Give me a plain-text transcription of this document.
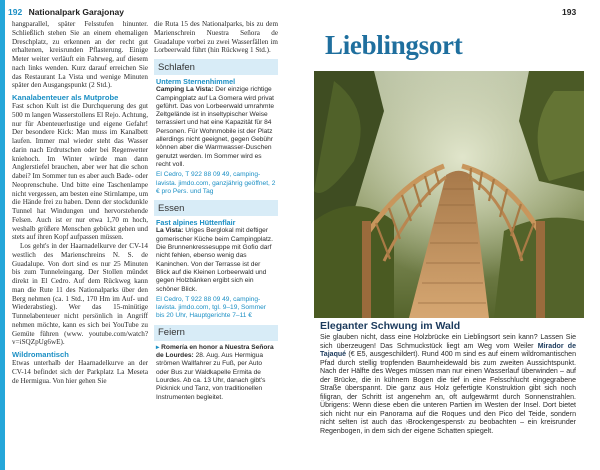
192 Nationalpark Garajonay

hangparallel, später Felsstufen hinunter. Schließlich stehen Sie an einem ehemaligen Dreschplatz, zu erkennen an der recht gut erhaltenen, kreisrunden Pflasterung. Einige Meter weiter verläuft ein Fahrweg, auf diesem nach links wenden. Kurz darauf erreichen Sie das Restaurant La Vista und wenige Minuten später den Ausgangspunkt (2 Std.).

Kanalabenteuer als Mutprobe

Fast schon Kult ist die Durchquerung des gut 500 m langen Wasserstollens El Rejo. Achtung, nur für Abenteuerlustige und eigene Gefahr! Der besondere Kick: Man muss im Kanalbett laufen. Immer mal wieder steht das Wasser darin nach Erdrutschen oder bei Regenwetter kniehoch. Im Winter würde man dann Anglerstiefel brauchen, aber wer hat die schon dabei? Im Sommer tun es aber auch Bade- oder Neoprenschuhe. Und bitte eine Taschenlampe nicht vergessen, am besten eine Stirnlampe, um die Hände frei zu haben. Denn der stockdunkle Tunnel hat Windungen und hervorstehende Felsen. Auch ist er nur etwa 1,70 m hoch, weshalb größere Menschen gebückt gehen und stets auf ihren Kopf aufpassen müssen.

Los geht's in der Haarnadelkurve der CV-14 westlich des Marienschreins N. S. de Guadalupe. Von dort sind es nur 25 Minuten bis zum Tunneleingang. Der Stollen mündet direkt in El Cedro. Auf dem Rückweg kann man die Rute 11 des Nationalparks über den Berg nehmen (ca. 1 Std., 170 Hm im Auf- und Wiederabstieg). Wer das 15-minütige Tunnelabenteuer nicht persönlich in Angriff nehmen möchte, kann es sich bei YouTube zu Gemüte führen (www. youtube.com/watch?v=iSQZpUg6wE).

Wildromantisch

Etwas unterhalb der Haarnadelkurve an der CV-14 befindet sich der Parkplatz La Meseta de Hermigua. Von hier gehen Sie

die Ruta 15 des Nationalparks, bis zu dem Marienschrein Nuestra Señora de Guadalupe vorbei zu zwei Wasserfällen im Lorbeerwald führt (hin Rückweg 1 Std.).

Schlafen
Unterm Sternenhimmel
Camping La Vista: Der einzige richtige Campingplatz auf La Gomera wird privat geführt. Das von Lorbeerwald umrahmte Zeltgelände ist in inseltypischer Weise terrassiert und hat eine Kapazität für 84 Personen. Für Wohnmobile ist der Platz allerdings nicht geeignet, gegen Gebühr können aber die Warmwasser-Duschen genutzt werden. Im Sommer wird es recht voll.
El Cedro, T 922 88 09 49, camping-lavista. jimdo.com, ganzjährig geöffnet, 2 € pro Pers. und Tag
Essen
Fast alpines Hüttenflair
La Vista: Uriges Berglokal mit deftiger gomerischer Küche beim Campingplatz. Die Brunnenkressesuppe mit Gofio darf nicht fehlen, ebenso wenig das Kaninchen. Von der Terrasse ist der Blick auf die Kleinen Lorbeerwald und gegen Holzbänken ergibt sich ein schöner Blick.
El Cedro, T 922 88 09 49, camping-lavista. jimdo.com, tgl. 9–19, Sommer bis 20 Uhr, Hauptgerichte 7–11 €
Feiern
▸ Romería en honor a Nuestra Señora de Lourdes: 28. Aug. Aus Hermigua strömen Wallfahrer zu Fuß, per Auto oder Bus zur Waldkapelle Ermita de Lourdes. Ab ca. 13 Uhr, danach gibt's Picknick und Tanz, von traditionellen Instrumenten begleitet.
193
Lieblingsort
Eleganter Schwung im Wald
Sie glauben nicht, dass eine Holzbrücke ein Lieblingsort sein kann? Lassen Sie sich überzeugen! Das Schmuckstück liegt am Weg vom Weiler Mirador de Tajaqué (€ E5, ausgeschildert). Rund 400 m sind es auf einem wildromantischen Pfad durch stellig tropfenden Baumheidewald bis zum zweiten Aussichtspunkt. Nach der Hälfte des Weges müssen man nur einen Wasserlauf überwinden – auf der Brücke, die in kühnem Bogen die tief in eine Felsschlucht eingegrabene Straße überspannt. Die ganz aus Holz gefertigte Konstruktion gibt sich noch filigran, der Schritt ist angenehm an, oft aufgewärmt durch Sonnenstrahlen. Übrigens: Wenn diese eben die unteren Partien im Westen der Insel. Dort bietet sich nicht nur ein Panorama auf die Roques und den Pico del Teide, sondern nicht selten ist auch das ›Brockengespenst‹ zu beobachten – ein kreisrunder Regenbogen, in dem sich der eigene Schatten spiegelt.
